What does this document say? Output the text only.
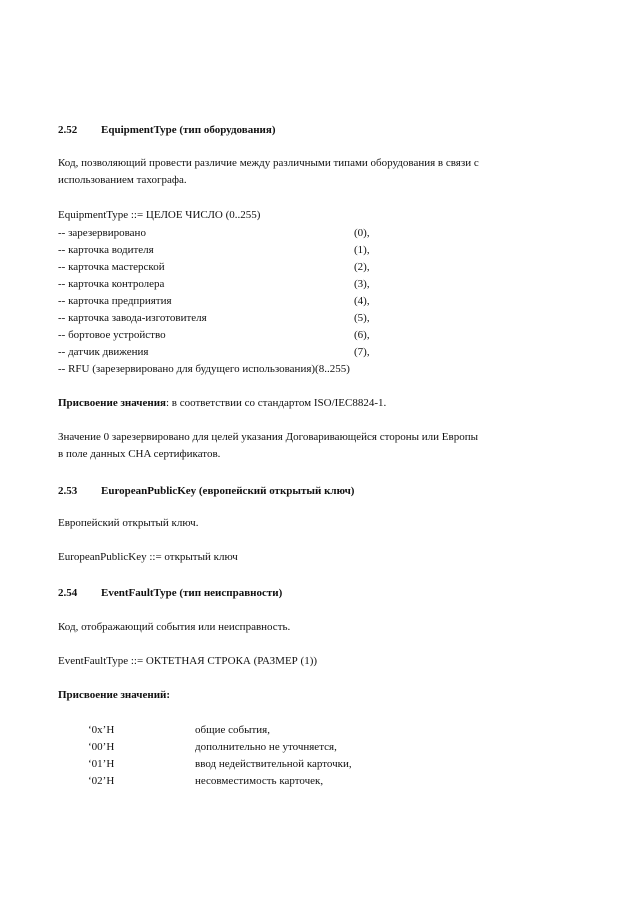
2.52 EquipmentType (тип оборудования)
Код, позволяющий провести различие между различными типами оборудования в связи с
использованием тахографа.
EquipmentType ::= ЦЕЛОЕ ЧИСЛО (0..255)
-- зарезервировано	(0),
-- карточка водителя	(1),
-- карточка мастерской	(2),
-- карточка контролера	(3),
-- карточка предприятия	(4),
-- карточка завода-изготовителя	(5),
-- бортовое устройство	(6),
-- датчик движения	(7),
-- RFU (зарезервировано для будущего использования)(8..255)
Присвоение значения: в соответствии со стандартом ISO/IEC8824-1.
Значение 0 зарезервировано для целей указания Договаривающейся стороны или Европы
в поле данных CHA сертификатов.
2.53 EuropeanPublicKey (европейский открытый ключ)
Европейский открытый ключ.
EuropeanPublicKey ::= открытый ключ
2.54 EventFaultType (тип неисправности)
Код, отображающий события или неисправность.
EventFaultType ::= ОКТЕТНАЯ СТРОКА (РАЗМЕР (1))
Присвоение значений:
‘0x’H	общие события,
‘00’H	дополнительно не уточняется,
‘01’H	ввод недействительной карточки,
‘02’H	несовместимость карточек,
